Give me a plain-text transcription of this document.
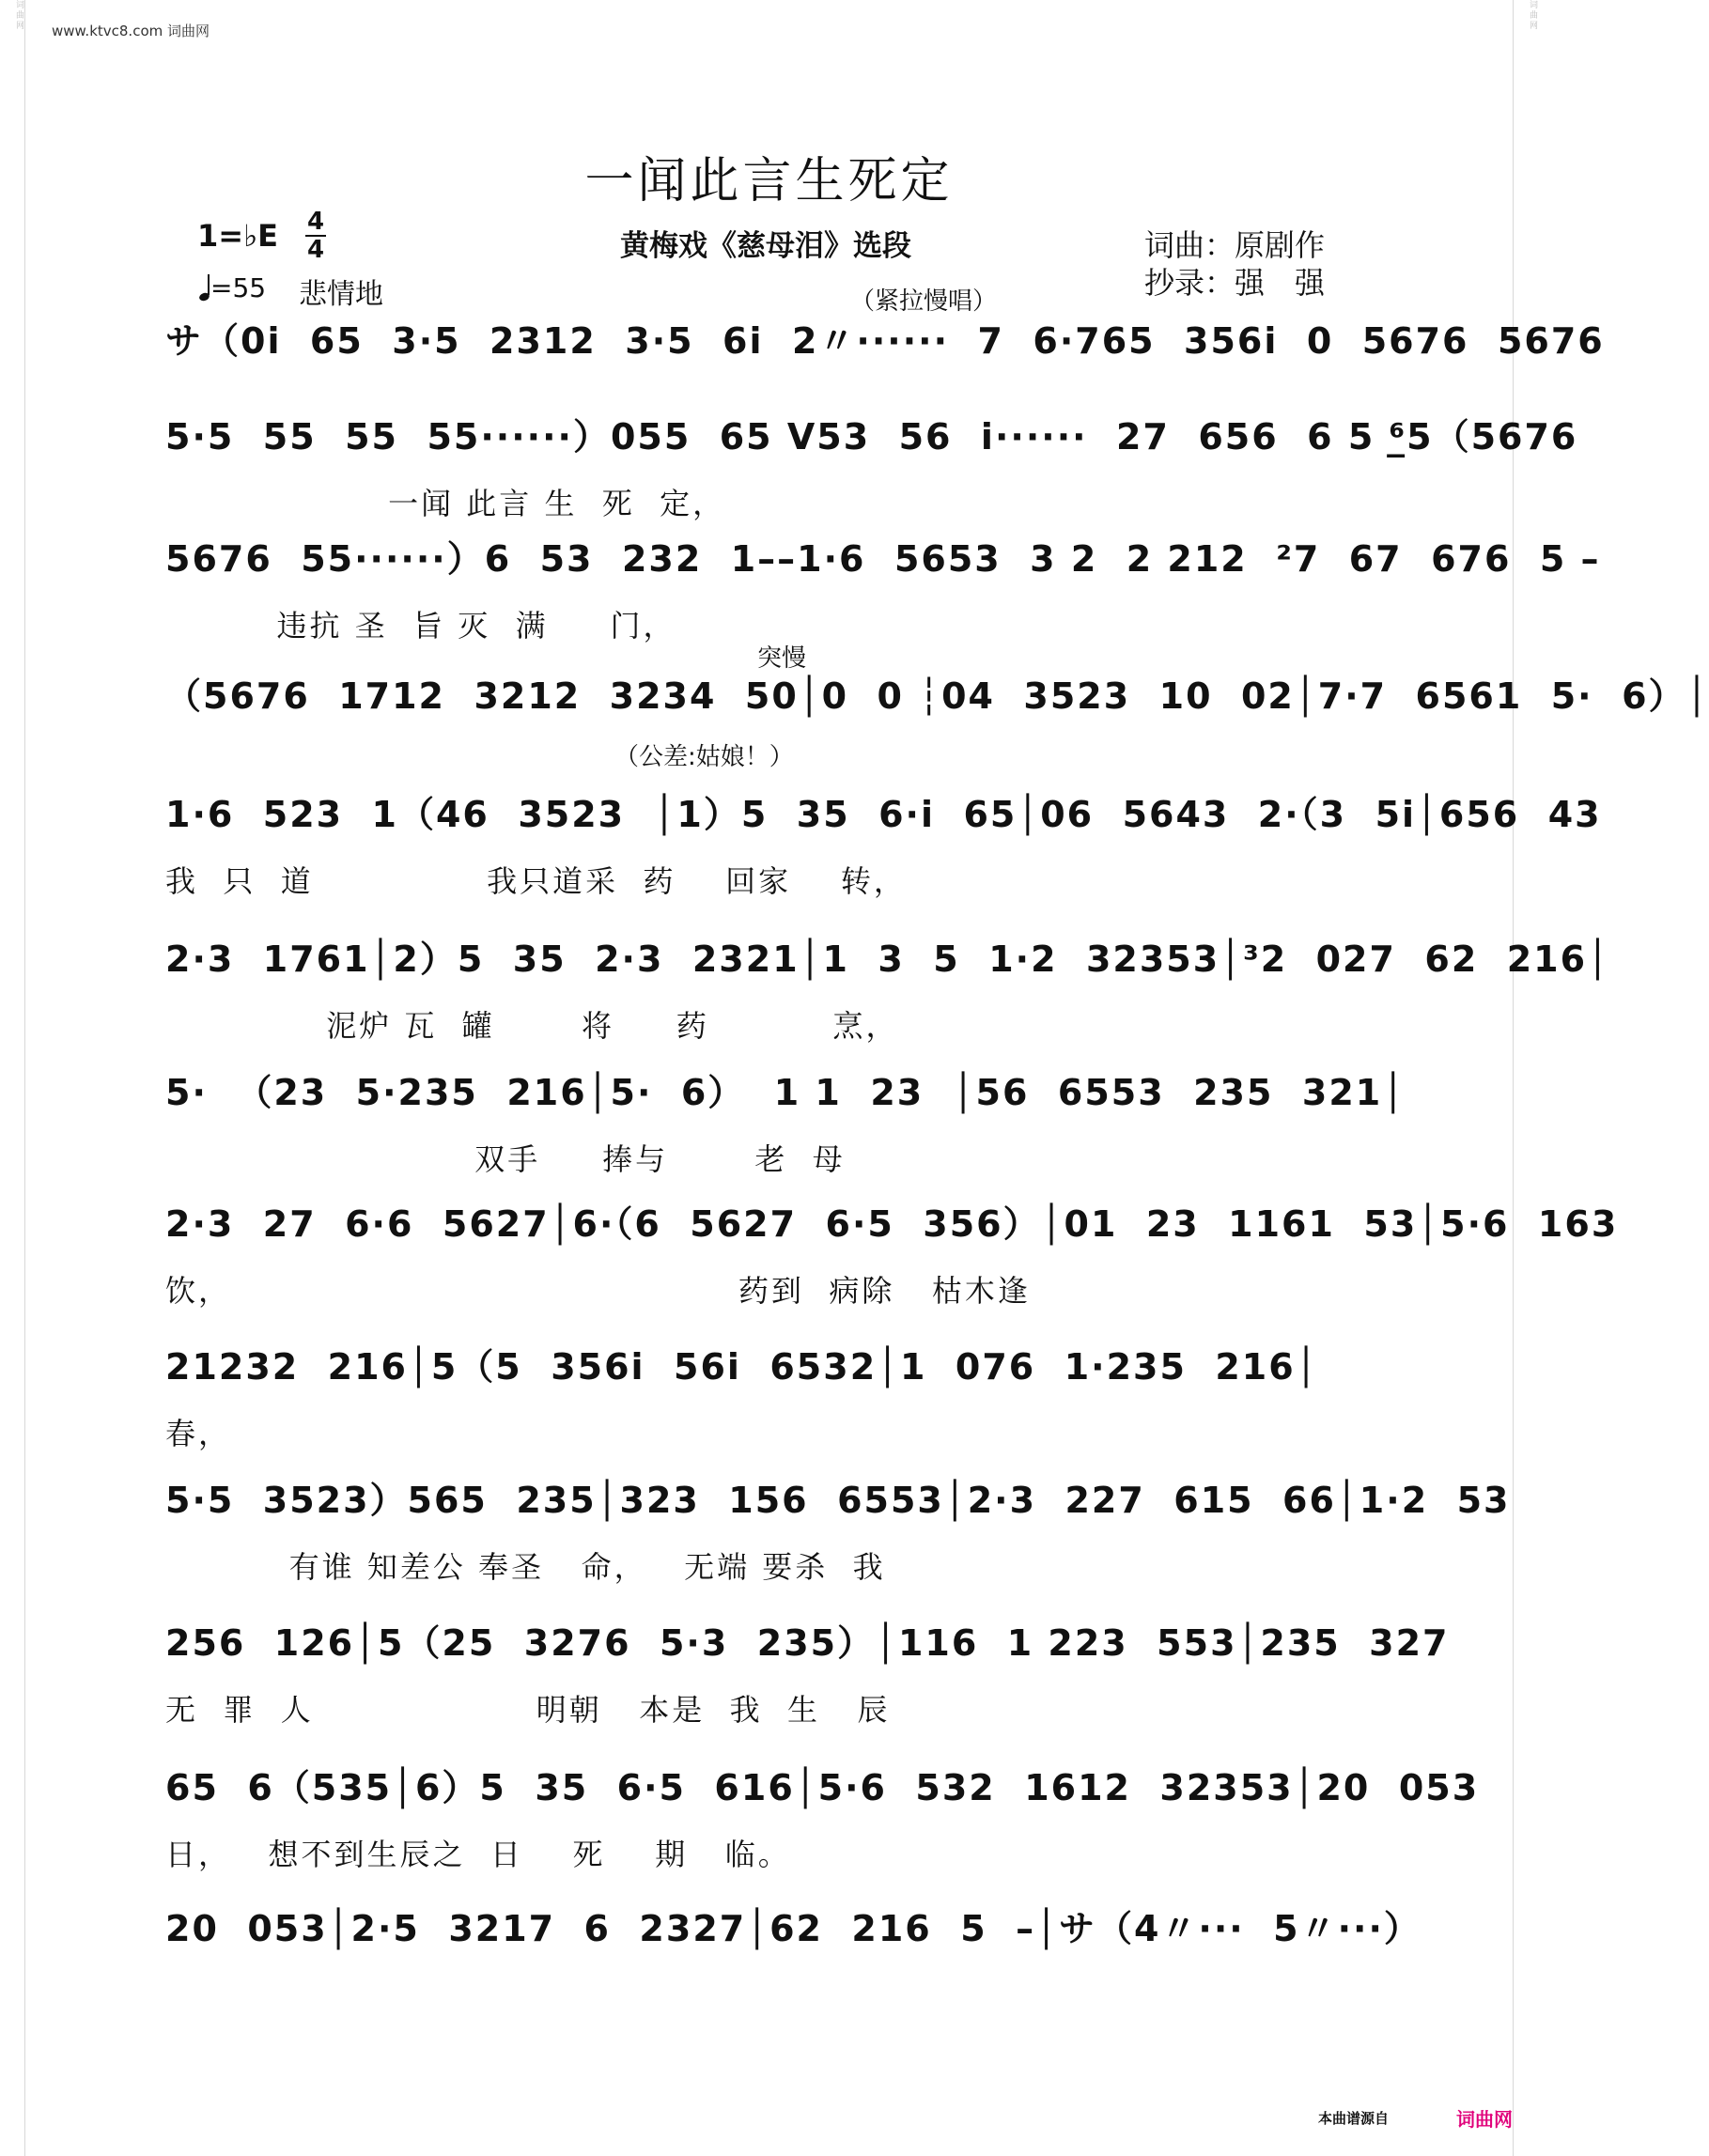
词曲网	词曲网
www.ktvc8.com 词曲网
一闻此言生死定
1=♭E 4
4
=55 悲情地
黄梅戏《慈母泪》选段	词曲：原剧作
抄录：强　强
（紧拉慢唱）
突慢
（公差:姑娘！）
サ（0i  65  3·5  2312  3·5  6i  2〃······  7  6·765  356i  0  5676  5676
5·5  55  55  55······）055  65 V53  56  i······  27  656  6 5 ⁶̲5（5676
一闻 此言 生  死  定，
5676  55······）6  53  232  1––1·6  5653  3 2  2 212  ²7  67  676  5 –
违抗 圣  旨 灭  满     门，
（5676  1712  3212  3234  50│0  0 ┆04  3523  10  02│7·7  6561  5·  6）│
1·6  523  1（46  3523  │1）5  35  6·i  65│06  5643  2·（3  5i│656  43
我  只  道              我只道采  药    回家    转，
2·3  1761│2）5  35  2·3  2321│1  3  5  1·2  32353│³2  027  62  216│
泥炉 瓦  罐       将     药          烹，
5·  （23  5·235  216│5·  6）  1 1  23  │56  6553  235  321│
双手     捧与       老  母
2·3  27  6·6  5627│6·（6  5627  6·5  356）│01  23  1161  53│5·6  163
饮，                                         药到  病除   枯木逢
21232  216│5（5  356i  56i  6532│1  076  1·235  216│
春，
5·5  3523）565  235│323  156  6553│2·3  227  615  66│1·2  53
有谁 知差公 奉圣   命，   无端 要杀  我
256  126│5（25  3276  5·3  235）│116  1 223  553│235  327
无  罪  人                  明朝   本是  我  生   辰
65  6（535│6）5  35  6·5  616│5·6  532  1612  32353│20  053
日，   想不到生辰之  日    死    期   临。
20  053│2·5  3217  6  2327│62  216  5  –│サ（4〃···  5〃···）
本曲谱源自	词曲网
